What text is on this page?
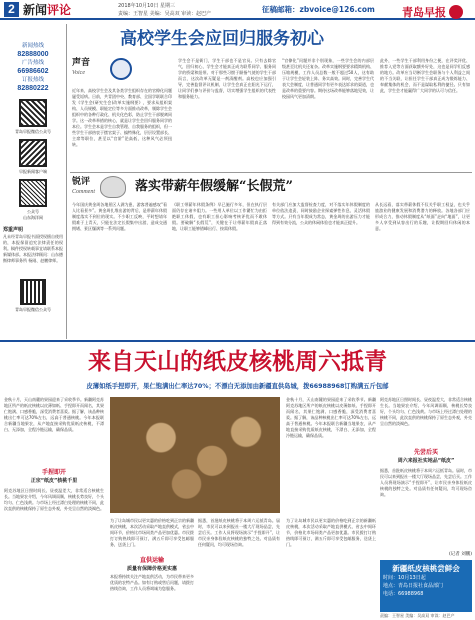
2 新闻评论	2018年10月10日 星期三
责编：王智星 美编：吴高双 审读：赵巴产	征稿邮箱：zbvoice@126.com 青岛早报
新闻热线
82888000
广告热线
66986602
订报热线
82880222
青岛早报微信公众号
早报新闻客户端
公众号
山东海洋网
郑重声明
凡未经青岛早报书面授权擅自使用的，本报保留追究法律责任的权利。稿件授权转载事宜请联系本报新媒体部。本报法律顾问：山东德衡律师事务所 杨刚、赵鹏律师。
青岛早报微信公众号
高校学生会应回归服务初心
声音
Voice
近年来，高校学生会及其各类学生组织存在的官僚化问题屡受诟病。日前，共青团中央、教育部、全国学联联合印发《学生会(研究生会)改革实施纲要》，要求从组织架构、人员规模、职能定位等多方面推动改革，剔除学生会组织中的各种行政化、机关化色彩，防止学生干部脱离同学。这一改革举措的核心，就是让学生会回归服务同学的本位。学生会本是学生自我管理、自我服务的组织，但一些学生干部热衷于摆官架子、搞特殊化，层层设置部长、主席等职位，甚至以“官阶”论高低，这种风气必须扭转。
学生会不是衙门，学生干部也不是官员。只有去除官气，回归初心，学生会才能真正成为联系同学、服务同学的桥梁和纽带。对于那些习惯于颐指气使的学生干部而言，这次改革无疑是一剂清醒剂。高校也应加强引导，完善监督评议机制，让学生会真正在阳光下运行，让同学们参与评价与监督，切实增强学生组织的代表性和服务能力。
“官僚化”问题并非个别现象，一些学生会的内部层级甚至比机关还复杂。改革实施纲要要求精简机构、压缩规模，工作人员总数一般不超过50人，这有助于让学生会轻装上阵、务实高效。同时，完善学生代表大会制度，让普通同学有更多表达诉求的渠道，也是改革的重要内容。期待这场改革能够落地见效，让校园风气更加清朗。
此外，一些学生干部利用身份之便，在评奖评优、推荐入党等方面获取额外好处，这也是同学们反感的地方。改革应当切断学生会职务与个人利益之间的不当关联，让担任学生干部真正成为锻炼能力、奉献集体的机会，而不是谋取私利的捷径。只有如此，学生会才能赢得广大同学的认可与信任。
锐评
Comment	落实带薪年假缓解“长假荒”
今年国庆黄金周各地景区人满为患，游客普遍感叹“看人比看景多”。黄金周扎堆出游的背后，是带薪年休假制度落实不到位的现实。不少职工反映，平时想请年假难于上青天，只能在法定长假集中出游，造成交通拥堵、景区爆满等一系列问题。
《职工带薪年休假条例》早已施行多年，但在执行层面仍存在诸多阻力。一些用人单位以工作繁忙为由拒绝职工休假，也有职工担心影响考核评优而不敢休假。要破解“长假荒”，关键在于让带薪年假真正落地，让职工能够错峰出行、按需休假。
有关部门应加大监督检查力度，对不落实年休假制度的单位依法追责，同时鼓励企业探索弹性作息、灵活休假等方式。只有当年假成为常态，黄金周的出游压力才能得到有效分流，公众的休闲体验也才能真正提升。
从长远看，落实带薪休假不仅关乎职工权益，也关乎旅游业的健康发展和消费潜力的释放。各地各部门应形成合力，推动休假制度从“纸面”走向“地面”，让更多人享受到从容出行的乐趣，让假期回归休闲的本意。
来自天山的纸皮核桃周六抵青
皮薄如纸手捏即开，果仁饱满出仁率达70%；不漂白无添加由新疆直供岛城，拨66988968订购满五斤包邮
金秋十月，天山南麓的果园迎来了采收季节。新疆阿克苏地区所产的纸皮核桃以皮薄如纸、手捏即开而闻名，其果仁饱满、口感香脆，深受消费者喜爱。据了解，该品种核桃出仁率可达70%左右，远高于普通核桃。今年本报联合新疆当地果农，从产地直接采购优质纸皮核桃，不漂白、无添加，全程冷链运输，确保品质。
手捏即开
正宗“纸皮”核桃千里
阿克苏地区日照时间长、昼夜温差大，非常适合核桃生长。当地果农介绍，今年风调雨顺，核桃长势良好，个头均匀、仁色浅黄。与市场上经过漂白处理的核桃不同，此次直供的核桃保持了原生态外观，外壳呈自然的淡褐色。
为了让岛城市民以更实惠的价格吃到正宗的新疆纸皮核桃，本次活动采取产地直供模式，省去中间环节，价格比市场同类产品更加优惠。市民拨打订购热线即可预订，满五斤即可享受包邮服务，送货上门。
直供运输
质量有保障价格更实惠
本报将持续关注产地直供活动，为市民带来更多优质的农特产品。如有订购或售后问题，请拨打热线咨询，工作人员将竭诚为您服务。
据悉，首批纸皮核桃将于本周六运抵青岛。届时，市民可以来到报社一楼大厅现场品尝，先尝后买。工作人员将现场演示“手捏即开”，让市民亲身体验纸皮核桃的独特之处。对品质有任何疑问，均可现场咨询。
金秋十月，天山南麓的果园迎来了采收季节。新疆阿克苏地区所产的纸皮核桃以皮薄如纸、手捏即开而闻名，其果仁饱满、口感香脆，深受消费者喜爱。据了解，该品种核桃出仁率可达70%左右，远高于普通核桃。今年本报联合新疆当地果农，从产地直接采购优质纸皮核桃，不漂白、无添加，全程冷链运输，确保品质。
为了让岛城市民以更实惠的价格吃到正宗的新疆纸皮核桃，本次活动采取产地直供模式，省去中间环节，价格比市场同类产品更加优惠。市民拨打订购热线即可预订，满五斤即可享受包邮服务，送货上门。
阿克苏地区日照时间长、昼夜温差大，非常适合核桃生长。当地果农介绍，今年风调雨顺，核桃长势良好，个头均匀、仁色浅黄。与市场上经过漂白处理的核桃不同，此次直供的核桃保持了原生态外观，外壳呈自然的淡褐色。
先尝后买
周六来报社实地品“纸皮”
据悉，首批纸皮核桃将于本周六运抵青岛。届时，市民可以来到报社一楼大厅现场品尝，先尝后买。工作人员将现场演示“手捏即开”，让市民亲身体验纸皮核桃的独特之处。对品质有任何疑问，均可现场咨询。
(记者 刘鹏)
新疆纸皮核桃尝鲜会
时间：10月13日起
地点：青岛日报社食品部门
电话：66988968
责编：王智星 美编：吴高双 审读：赵巴产
